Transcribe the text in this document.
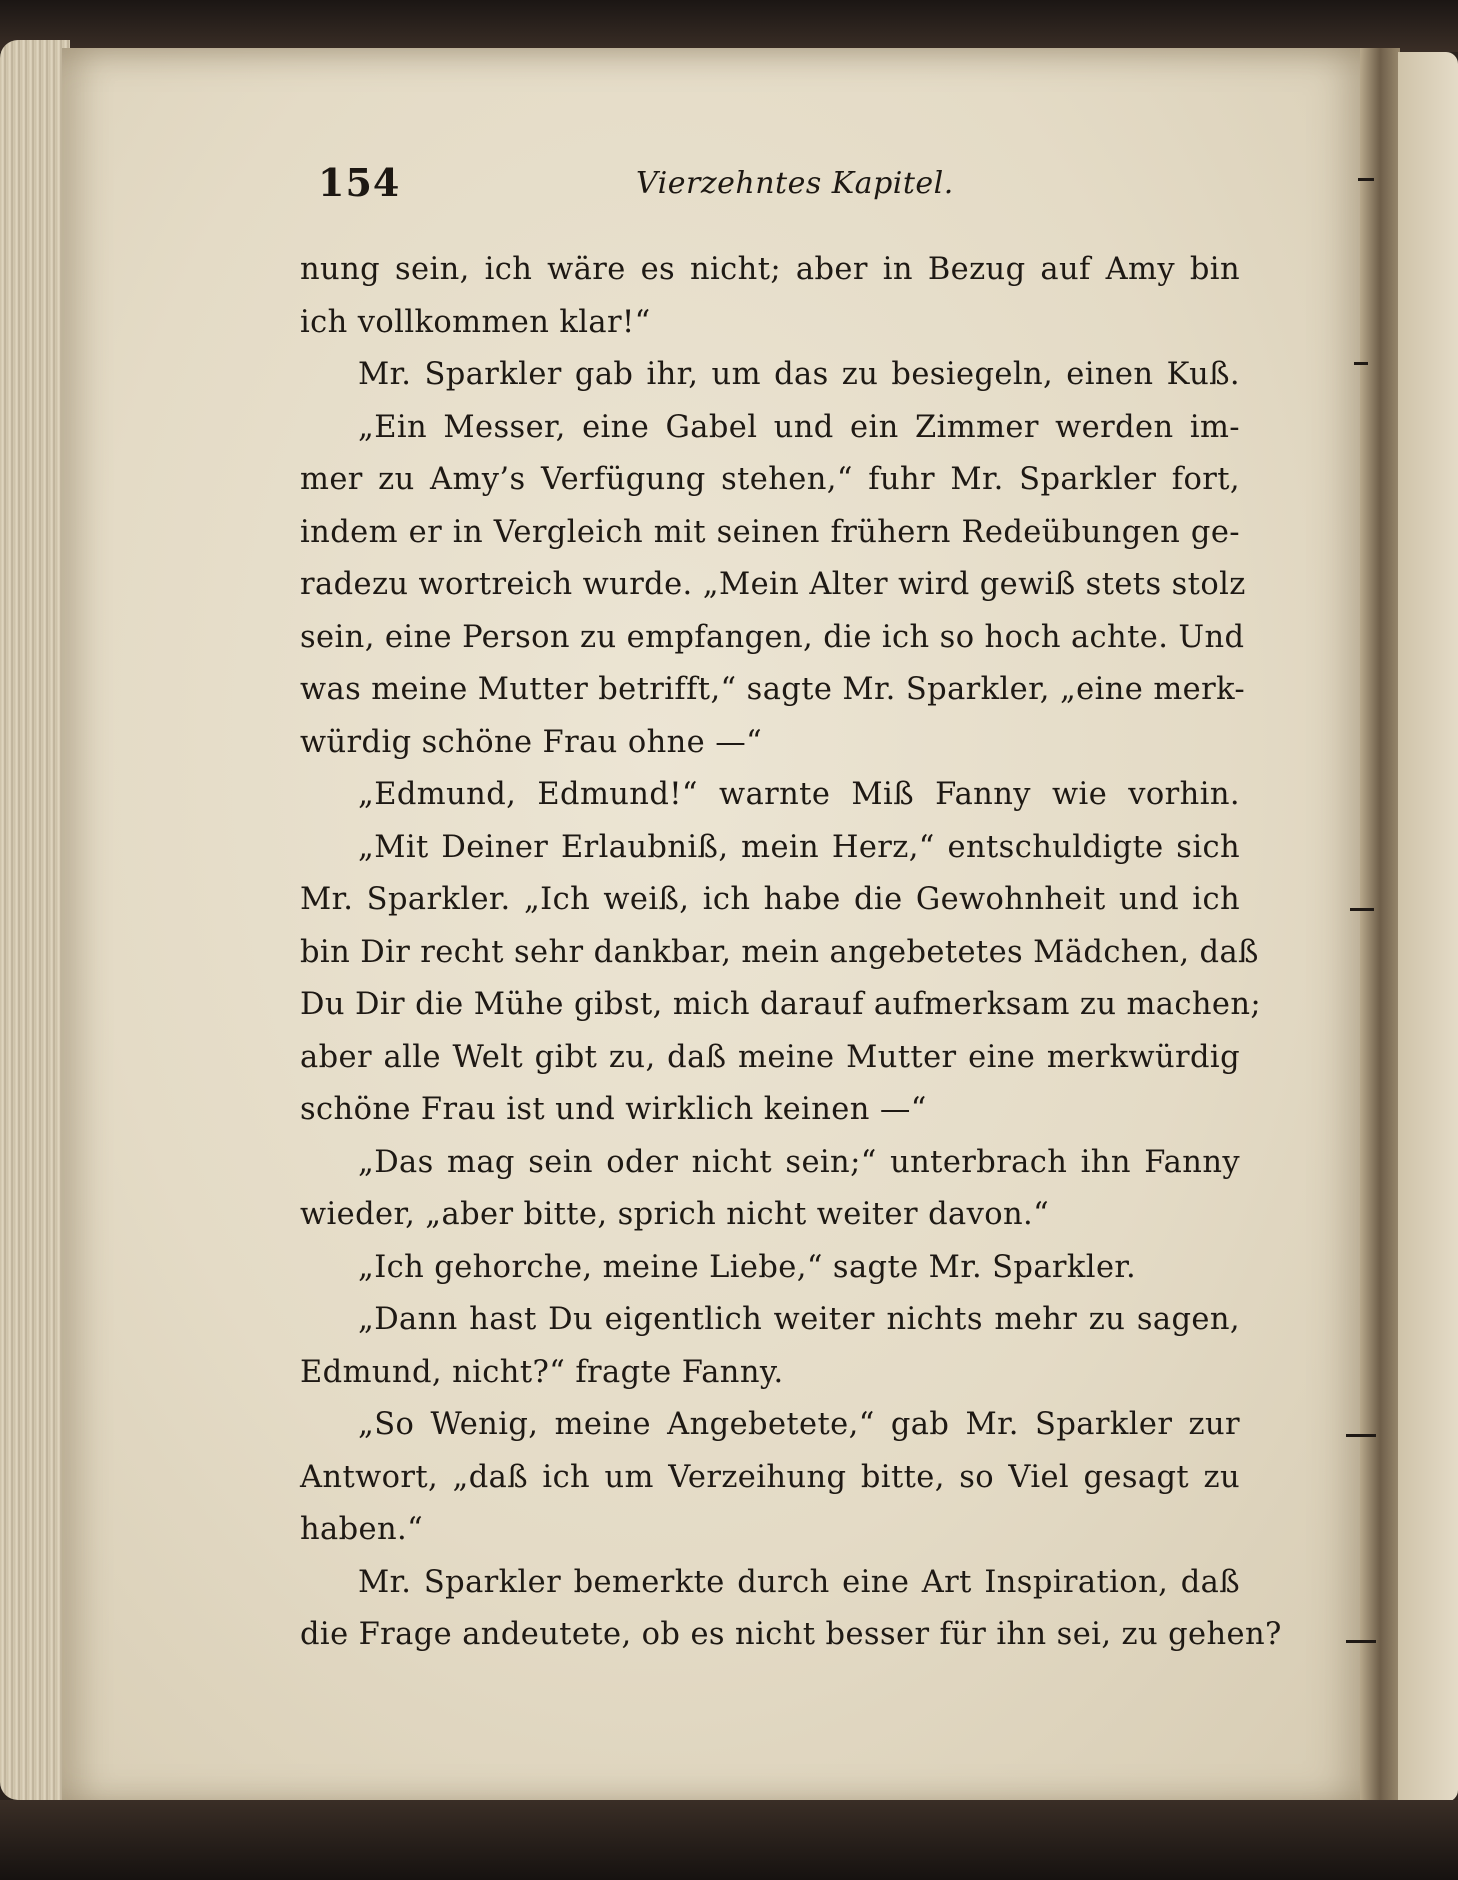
154	Vierzehntes Kapitel.
nung sein, ich wäre es nicht; aber in Bezug auf Amy bin
ich vollkommen klar!“
Mr. Sparkler gab ihr, um das zu besiegeln, einen Kuß.
„Ein Messer, eine Gabel und ein Zimmer werden im-
mer zu Amy’s Verfügung stehen,“ fuhr Mr. Sparkler fort,
indem er in Vergleich mit seinen frühern Redeübungen ge-
radezu wortreich wurde. „Mein Alter wird gewiß stets stolz
sein, eine Person zu empfangen, die ich so hoch achte. Und
was meine Mutter betrifft,“ sagte Mr. Sparkler, „eine merk-
würdig schöne Frau ohne —“
„Edmund, Edmund!“ warnte Miß Fanny wie vorhin.
„Mit Deiner Erlaubniß, mein Herz,“ entschuldigte sich
Mr. Sparkler. „Ich weiß, ich habe die Gewohnheit und ich
bin Dir recht sehr dankbar, mein angebetetes Mädchen, daß
Du Dir die Mühe gibst, mich darauf aufmerksam zu machen;
aber alle Welt gibt zu, daß meine Mutter eine merkwürdig
schöne Frau ist und wirklich keinen —“
„Das mag sein oder nicht sein;“ unterbrach ihn Fanny
wieder, „aber bitte, sprich nicht weiter davon.“
„Ich gehorche, meine Liebe,“ sagte Mr. Sparkler.
„Dann hast Du eigentlich weiter nichts mehr zu sagen,
Edmund, nicht?“ fragte Fanny.
„So Wenig, meine Angebetete,“ gab Mr. Sparkler zur
Antwort, „daß ich um Verzeihung bitte, so Viel gesagt zu
haben.“
Mr. Sparkler bemerkte durch eine Art Inspiration, daß
die Frage andeutete, ob es nicht besser für ihn sei, zu gehen?
